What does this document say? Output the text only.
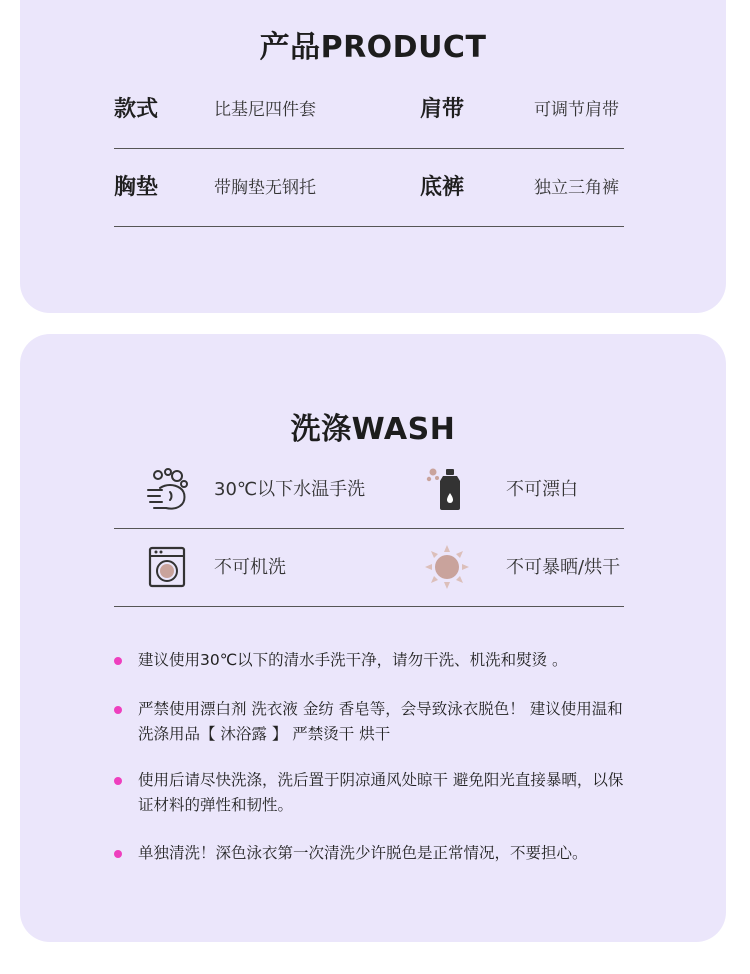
产品PRODUCT
款式	比基尼四件套	肩带	可调节肩带
胸垫	带胸垫无钢托	底裤	独立三角裤
洗涤WASH
30℃以下水温手洗	不可漂白
不可机洗	不可暴晒/烘干
建议使用30℃以下的清水手洗干净，请勿干洗、机洗和熨烫 。
严禁使用漂白剂 洗衣液 金纺 香皂等，会导致泳衣脱色！ 建议使用温和洗涤用品【 沐浴露 】 严禁烫干 烘干
使用后请尽快洗涤，洗后置于阴凉通风处晾干 避免阳光直接暴晒，以保证材料的弹性和韧性。
单独清洗！深色泳衣第一次清洗少许脱色是正常情况，不要担心。
